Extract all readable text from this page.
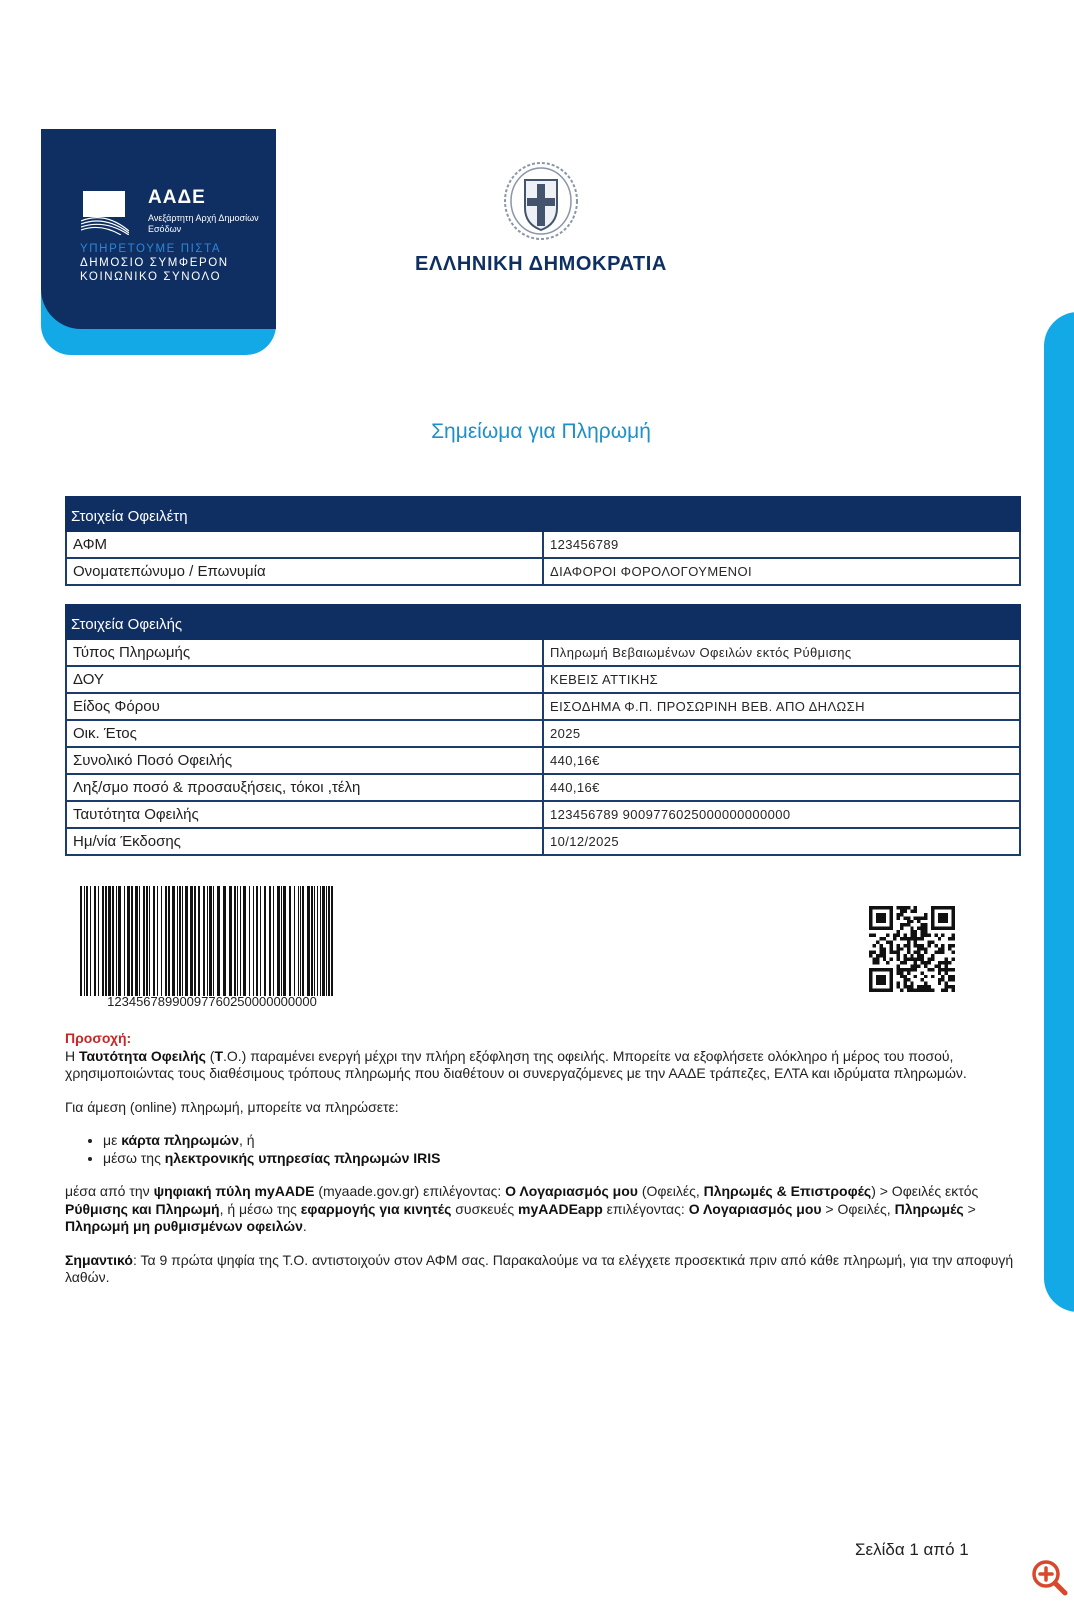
ΑΑΔΕ
Ανεξάρτητη Αρχή Δημοσίων Εσόδων
ΥΠΗΡΕΤΟΥΜΕ ΠΙΣΤΑ
ΔΗΜΟΣΙΟ ΣΥΜΦΕΡΟΝ
ΚΟΙΝΩΝΙΚΟ ΣΥΝΟΛΟ
ΕΛΛΗΝΙΚΗ ΔΗΜΟΚΡΑΤΙΑ
Σημείωμα για Πληρωμή
Στοιχεία Οφειλέτη	
ΑΦΜ	123456789
Ονοματεπώνυμο / Επωνυμία	ΔΙΑΦΟΡΟΙ ΦΟΡΟΛΟΓΟΥΜΕΝΟΙ
Στοιχεία Οφειλής	
Τύπος Πληρωμής	Πληρωμή Βεβαιωμένων Οφειλών εκτός Ρύθμισης
ΔΟΥ	ΚΕΒΕΙΣ ΑΤΤΙΚΗΣ
Είδος Φόρου	ΕΙΣΟΔΗΜΑ Φ.Π. ΠΡΟΣΩΡΙΝΗ ΒΕΒ. ΑΠΟ ΔΗΛΩΣΗ
Οικ. Έτος	2025
Συνολικό Ποσό Οφειλής	440,16€
Ληξ/σμο ποσό & προσαυξήσεις, τόκοι ,τέλη	440,16€
Ταυτότητα Οφειλής	123456789 9009776025000000000000
Ημ/νία Έκδοσης	10/12/2025
12345678990097760250000000000

Προσοχή:

Η Ταυτότητα Οφειλής (Τ.Ο.) παραμένει ενεργή μέχρι την πλήρη εξόφληση της οφειλής. Μπορείτε να εξοφλήσετε ολόκληρο ή μέρος του ποσού, χρησιμοποιώντας τους διαθέσιμους τρόπους πληρωμής που διαθέτουν οι συνεργαζόμενες με την ΑΑΔΕ τράπεζες, ΕΛΤΑ και ιδρύματα πληρωμών.

Για άμεση (online) πληρωμή, μπορείτε να πληρώσετε:

• με κάρτα πληρωμών, ή
• μέσω της ηλεκτρονικής υπηρεσίας πληρωμών IRIS

μέσα από την ψηφιακή πύλη myAADE (myaade.gov.gr) επιλέγοντας: Ο Λογαριασμός μου (Οφειλές, Πληρωμές & Επιστροφές) > Οφειλές εκτός Ρύθμισης και Πληρωμή, ή μέσω της εφαρμογής για κινητές συσκευές myAADEapp επιλέγοντας: Ο Λογαριασμός μου > Οφειλές, Πληρωμές > Πληρωμή μη ρυθμισμένων οφειλών.

Σημαντικό: Τα 9 πρώτα ψηφία της Τ.Ο. αντιστοιχούν στον ΑΦΜ σας. Παρακαλούμε να τα ελέγχετε προσεκτικά πριν από κάθε πληρωμή, για την αποφυγή λαθών.

Σελίδα 1 από 1
